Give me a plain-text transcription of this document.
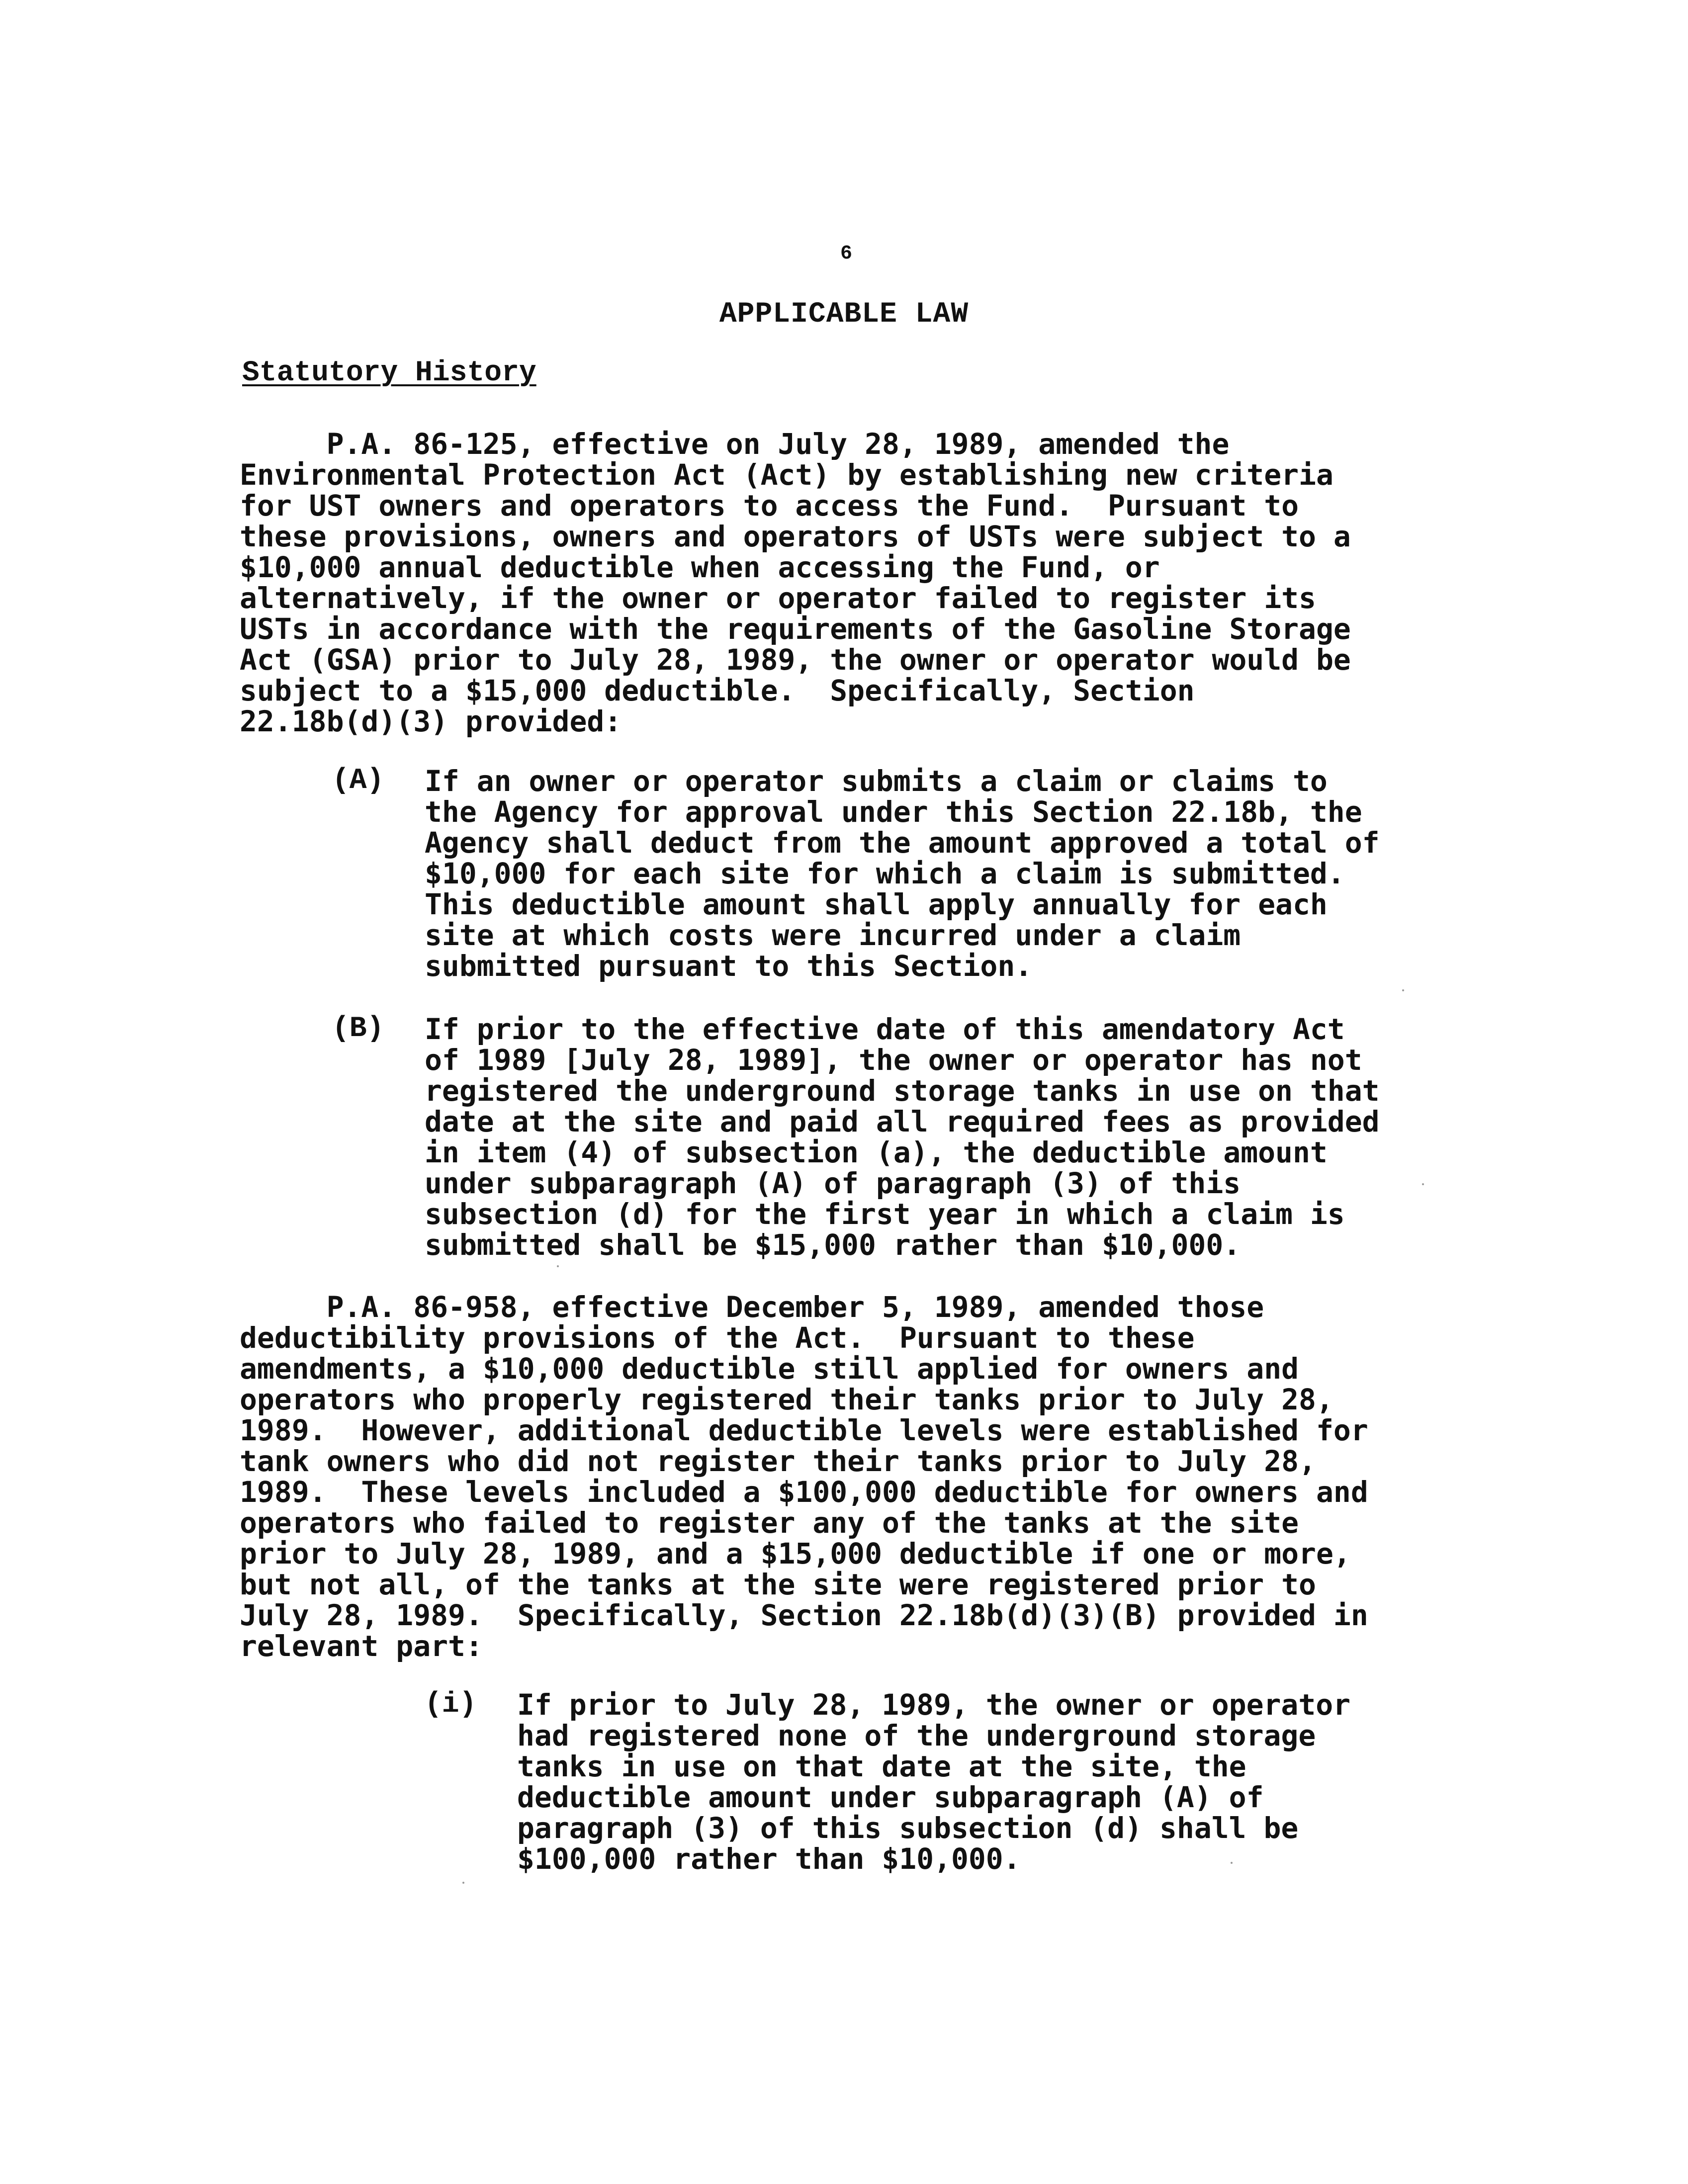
6
APPLICABLE LAW
Statutory History
P.A. 86-125, effective on July 28, 1989, amended the
Environmental Protection Act (Act) by establishing new criteria
for UST owners and operators to access the Fund.  Pursuant to
these provisions, owners and operators of USTs were subject to a
$10,000 annual deductible when accessing the Fund, or
alternatively, if the owner or operator failed to register its
USTs in accordance with the requirements of the Gasoline Storage
Act (GSA) prior to July 28, 1989, the owner or operator would be
subject to a $15,000 deductible.  Specifically, Section
22.18b(d)(3) provided:
(A) If an owner or operator submits a claim or claims to
the Agency for approval under this Section 22.18b, the
Agency shall deduct from the amount approved a total of
$10,000 for each site for which a claim is submitted.
This deductible amount shall apply annually for each
site at which costs were incurred under a claim
submitted pursuant to this Section.
(B) If prior to the effective date of this amendatory Act
of 1989 [July 28, 1989], the owner or operator has not
registered the underground storage tanks in use on that
date at the site and paid all required fees as provided
in item (4) of subsection (a), the deductible amount
under subparagraph (A) of paragraph (3) of this
subsection (d) for the first year in which a claim is
submitted shall be $15,000 rather than $10,000.
P.A. 86-958, effective December 5, 1989, amended those
deductibility provisions of the Act.  Pursuant to these
amendments, a $10,000 deductible still applied for owners and
operators who properly registered their tanks prior to July 28,
1989.  However, additional deductible levels were established for
tank owners who did not register their tanks prior to July 28,
1989.  These levels included a $100,000 deductible for owners and
operators who failed to register any of the tanks at the site
prior to July 28, 1989, and a $15,000 deductible if one or more,
but not all, of the tanks at the site were registered prior to
July 28, 1989.  Specifically, Section 22.18b(d)(3)(B) provided in
relevant part:
(i) If prior to July 28, 1989, the owner or operator
had registered none of the underground storage
tanks in use on that date at the site, the
deductible amount under subparagraph (A) of
paragraph (3) of this subsection (d) shall be
$100,000 rather than $10,000.
